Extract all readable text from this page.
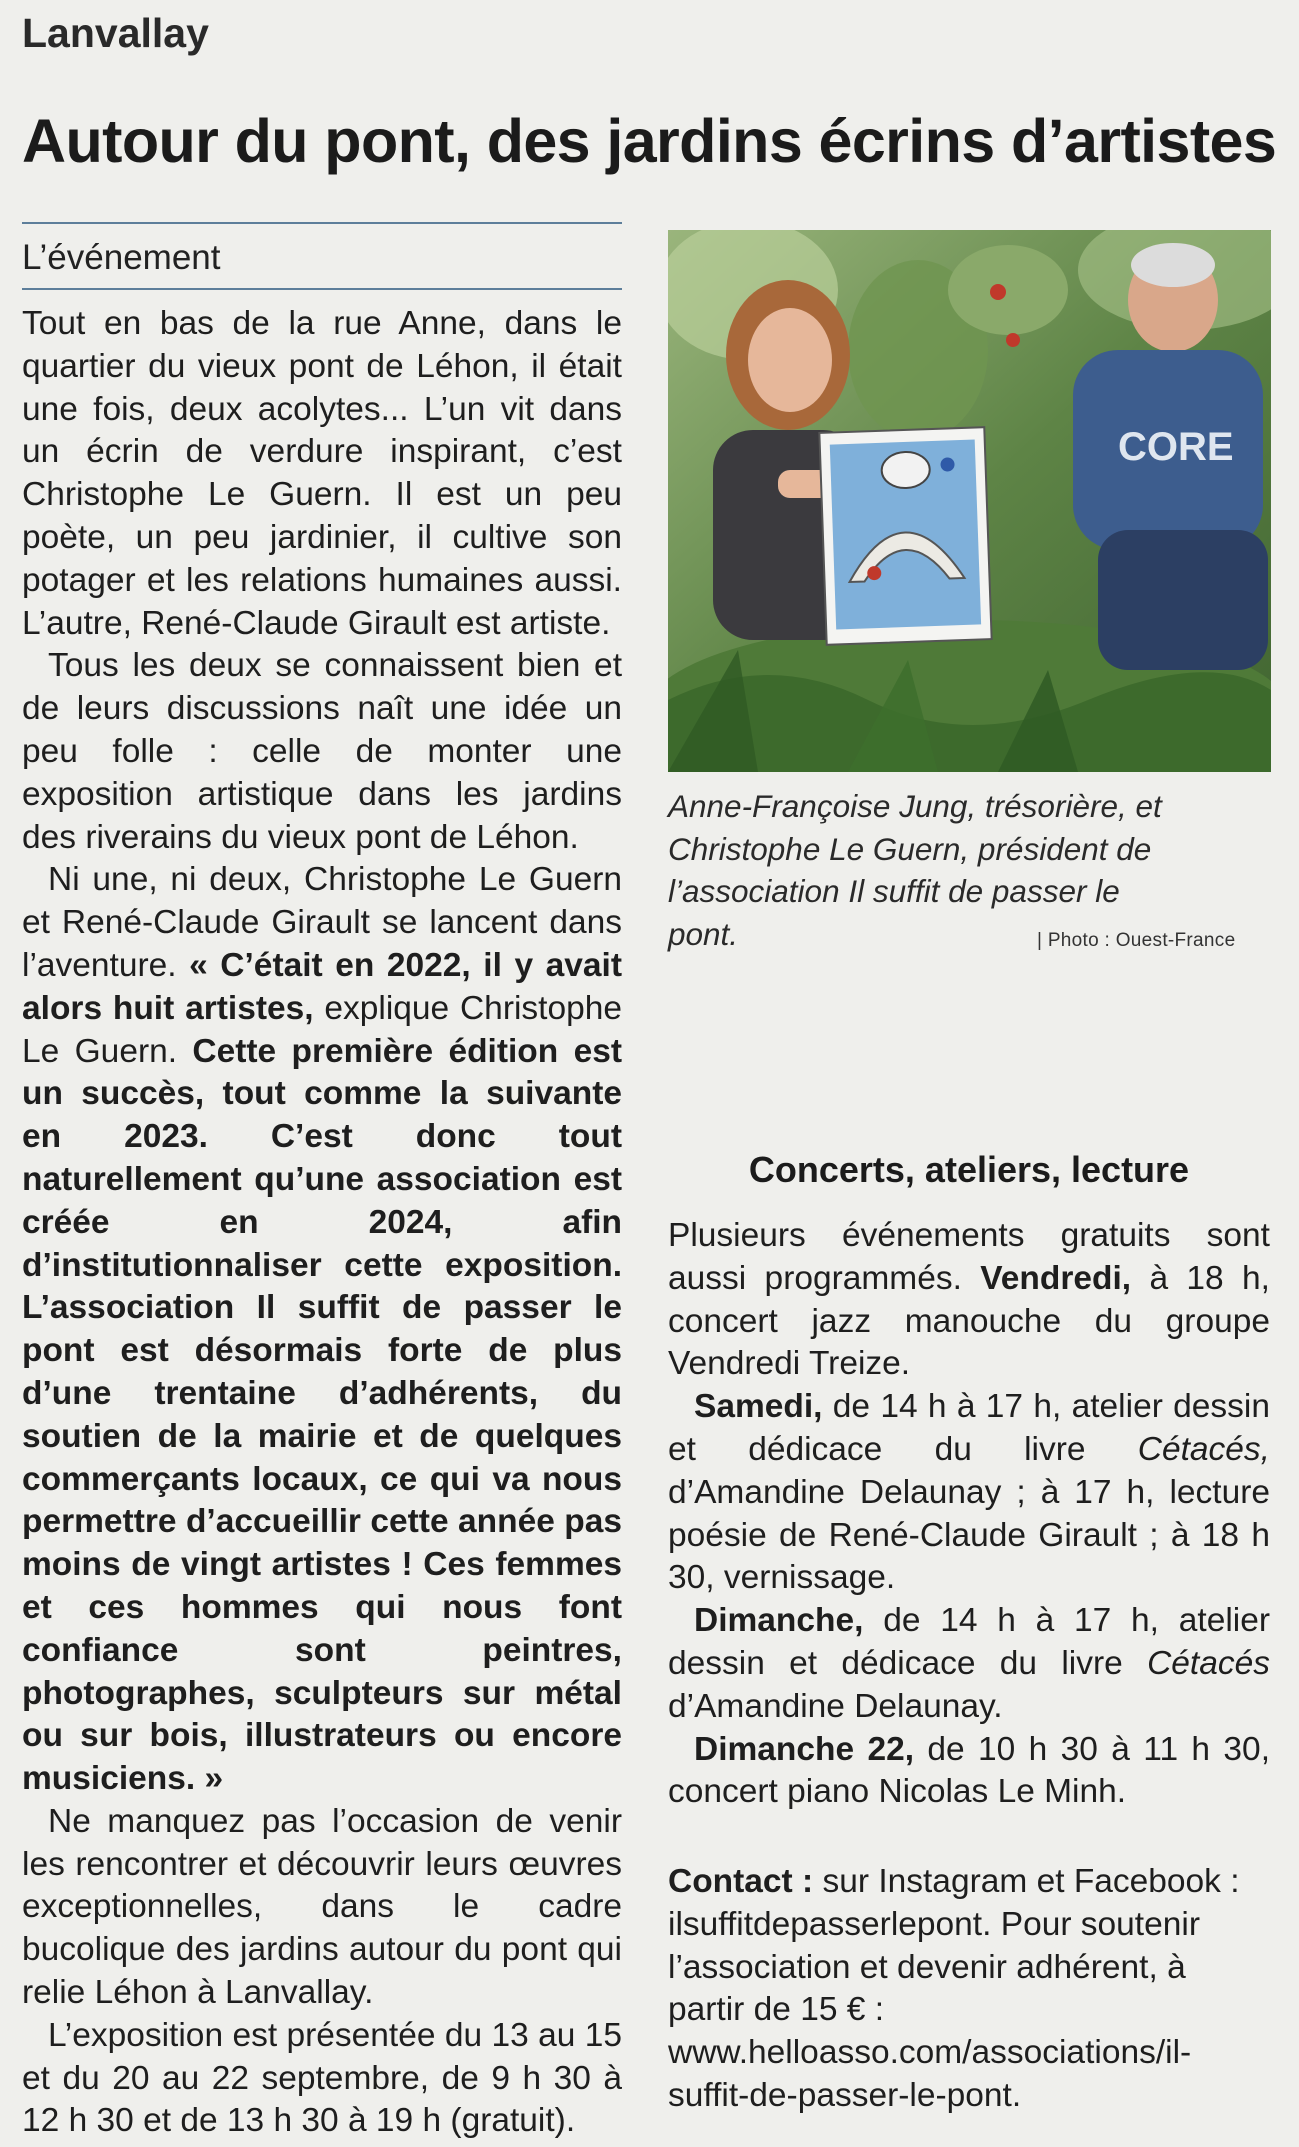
Lanvallay
Autour du pont, des jardins écrins d’artistes
L’événement

Tout en bas de la rue Anne, dans le quartier du vieux pont de Léhon, il était une fois, deux acolytes... L’un vit dans un écrin de verdure inspirant, c’est Christophe Le Guern. Il est un peu poète, un peu jardinier, il cultive son potager et les relations humaines aussi. L’autre, René-Claude Girault est artiste.

Tous les deux se connaissent bien et de leurs discussions naît une idée un peu folle : celle de monter une exposition artistique dans les jardins des riverains du vieux pont de Léhon.

Ni une, ni deux, Christophe Le Guern et René-Claude Girault se lancent dans l’aventure. « C’était en 2022, il y avait alors huit artistes, explique Christophe Le Guern. Cette première édition est un succès, tout comme la suivante en 2023. C’est donc tout naturellement qu’une association est créée en 2024, afin d’institutionnaliser cette exposition. L’association Il suffit de passer le pont est désormais forte de plus d’une trentaine d’adhérents, du soutien de la mairie et de quelques commerçants locaux, ce qui va nous permettre d’accueillir cette année pas moins de vingt artistes ! Ces femmes et ces hommes qui nous font confiance sont peintres, photographes, sculpteurs sur métal ou sur bois, illustrateurs ou encore musiciens. »

Ne manquez pas l’occasion de venir les rencontrer et découvrir leurs œuvres exceptionnelles, dans le cadre bucolique des jardins autour du pont qui relie Léhon à Lanvallay.

L’exposition est présentée du 13 au 15 et du 20 au 22 septembre, de 9 h 30 à 12 h 30 et de 13 h 30 à 19 h (gratuit).

CORE
Anne-Françoise Jung, trésorière, et Christophe Le Guern, président de l’association Il suffit de passer le pont.	| Photo : Ouest-France
Concerts, ateliers, lecture

Plusieurs événements gratuits sont aussi programmés. Vendredi, à 18 h, concert jazz manouche du groupe Vendredi Treize.

Samedi, de 14 h à 17 h, atelier dessin et dédicace du livre Cétacés, d’Amandine Delaunay ; à 17 h, lecture poésie de René-Claude Girault ; à 18 h 30, vernissage.

Dimanche, de 14 h à 17 h, atelier dessin et dédicace du livre Cétacés d’Amandine Delaunay.

Dimanche 22, de 10 h 30 à 11 h 30, concert piano Nicolas Le Minh.

Contact : sur Instagram et Facebook : ilsuffitdepasserlepont. Pour soutenir l’association et devenir adhérent, à partir de 15 € : www.helloasso.com/associations/il-suffit-de-passer-le-pont.
